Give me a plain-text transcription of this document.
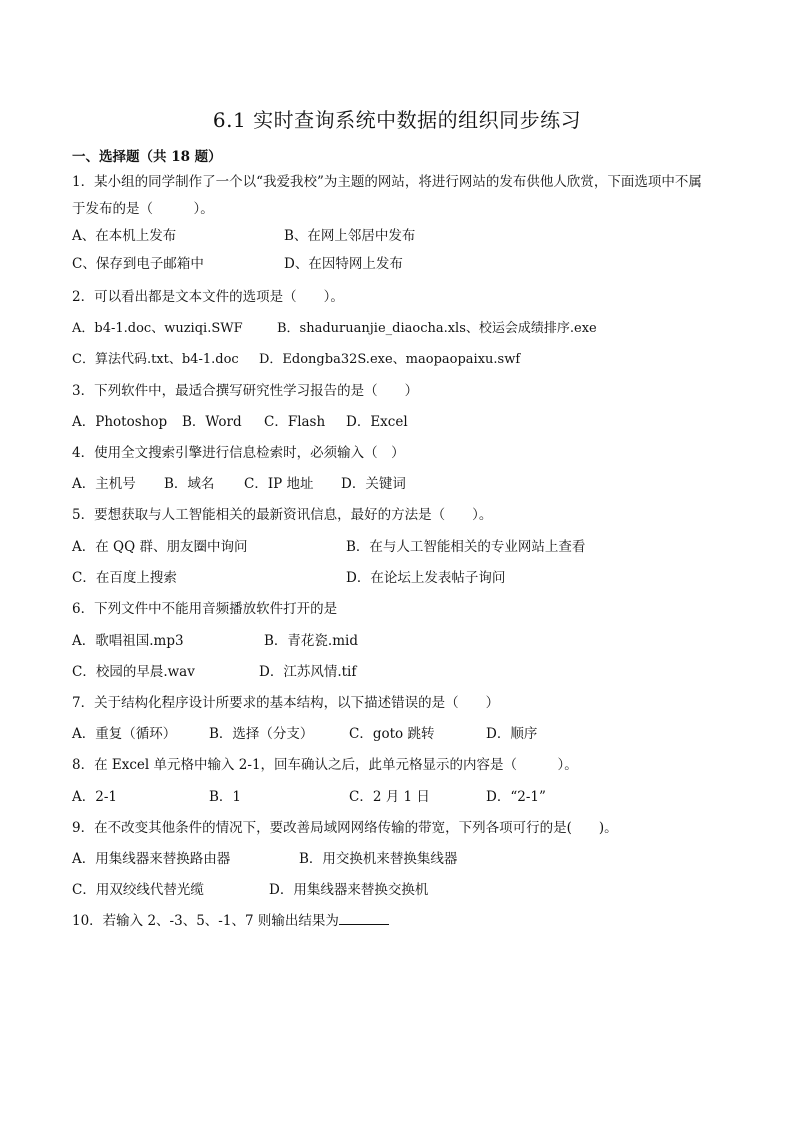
6.1 实时查询系统中数据的组织同步练习
一、选择题（共 18 题）
1．某小组的同学制作了一个以“我爱我校”为主题的网站，将进行网站的发布供他人欣赏，下面选项中不属
于发布的是（　　　）。
A、在本机上发布	B、在网上邻居中发布
C、保存到电子邮箱中	D、在因特网上发布
2．可以看出都是文本文件的选项是（　　）。
A．b4-1.doc、wuziqi.SWF	B．shaduruanjie_diaocha.xls、校运会成绩排序.exe
C．算法代码.txt、b4-1.doc D．Edongba32S.exe、maopaopaixu.swf
3．下列软件中，最适合撰写研究性学习报告的是（　　）
A．Photoshop B．Word C．Flash D．Excel
4．使用全文搜索引擎进行信息检索时，必须输入（　）
A．主机号 B．域名 C．IP 地址 D．关键词
5．要想获取与人工智能相关的最新资讯信息，最好的方法是（　　）。
A．在 QQ 群、朋友圈中询问	B．在与人工智能相关的专业网站上查看
C．在百度上搜索	D．在论坛上发表帖子询问
6．下列文件中不能用音频播放软件打开的是
A．歌唱祖国.mp3	B．青花瓷.mid
C．校园的早晨.wav	D．江苏风情.tif
7．关于结构化程序设计所要求的基本结构，以下描述错误的是（　　）
A．重复（循环） B．选择（分支）	C．goto 跳转	D．顺序
8．在 Excel 单元格中输入 2-1，回车确认之后，此单元格显示的内容是（　　　）。
A．2-1	B．1	C．2 月 1 日	D．“2-1”
9．在不改变其他条件的情况下，要改善局域网网络传输的带宽，下列各项可行的是(　　)。
A．用集线器来替换路由器	B．用交换机来替换集线器
C．用双绞线代替光缆	D．用集线器来替换交换机
10．若输入 2、-3、5、-1、7 则输出结果为
